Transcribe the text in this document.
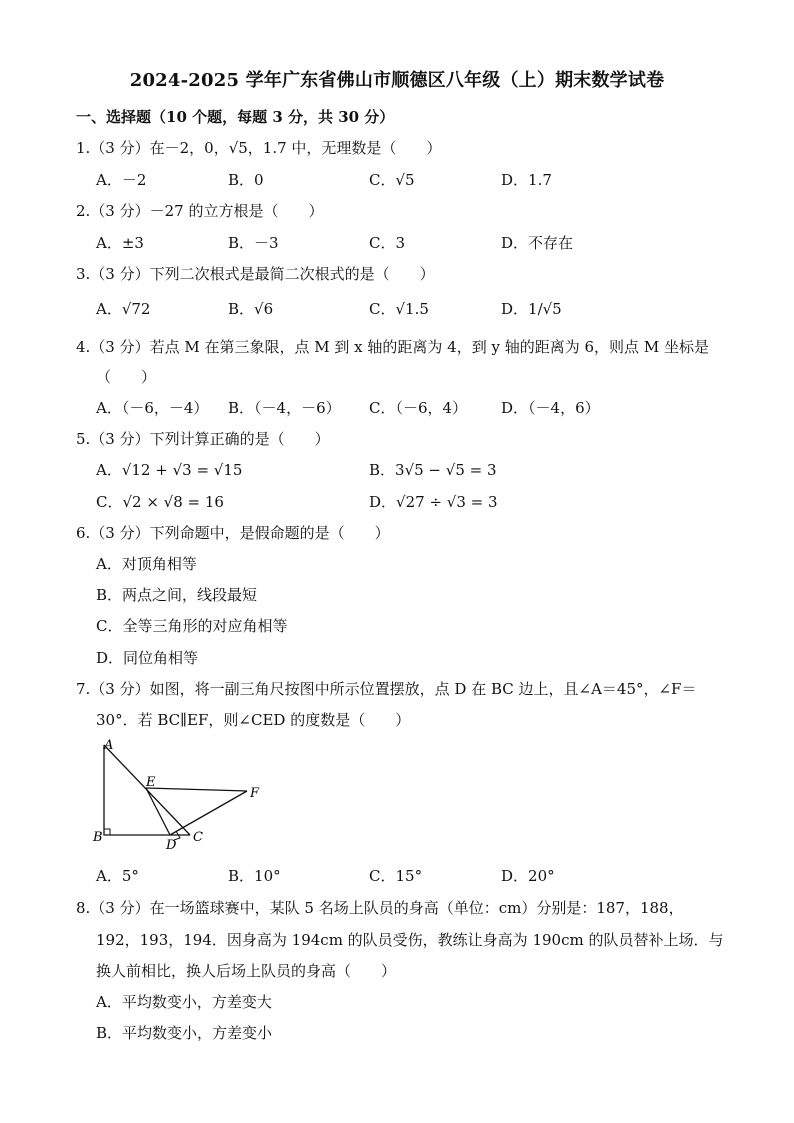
2024-2025 学年广东省佛山市顺德区八年级（上）期末数学试卷
一、选择题（10 个题，每题 3 分，共 30 分）
1.（3 分）在－2，0，√5，1.7 中，无理数是（　　）
A．－2	B．0	C．√5	D．1.7
2.（3 分）－27 的立方根是（　　）
A．±3	B．－3	C．3	D．不存在
3.（3 分）下列二次根式是最简二次根式的是（　　）
A．√72	B．√6	C．√1.5	D．1/√5
4.（3 分）若点 M 在第三象限，点 M 到 x 轴的距离为 4，到 y 轴的距离为 6，则点 M 坐标是
（　　）
A．（－6，－4） B．（－4，－6） C．（－6，4） D．（－4，6）
5.（3 分）下列计算正确的是（　　）
A．√12 + √3 = √15	B．3√5 − √5 = 3
C．√2 × √8 = 16	D．√27 ÷ √3 = 3
6.（3 分）下列命题中，是假命题的是（　　）
A．对顶角相等
B．两点之间，线段最短
C．全等三角形的对应角相等
D．同位角相等
7.（3 分）如图，将一副三角尺按图中所示位置摆放，点 D 在 BC 边上，且∠A＝45°，∠F＝
30°．若 BC∥EF，则∠CED 的度数是（　　）
A
B	C
D
E
F
A．5°	B．10°	C．15°	D．20°
8.（3 分）在一场篮球赛中，某队 5 名场上队员的身高（单位：cm）分别是：187，188，
192，193，194．因身高为 194cm 的队员受伤，教练让身高为 190cm 的队员替补上场．与
换人前相比，换人后场上队员的身高（　　）
A．平均数变小，方差变大
B．平均数变小，方差变小
